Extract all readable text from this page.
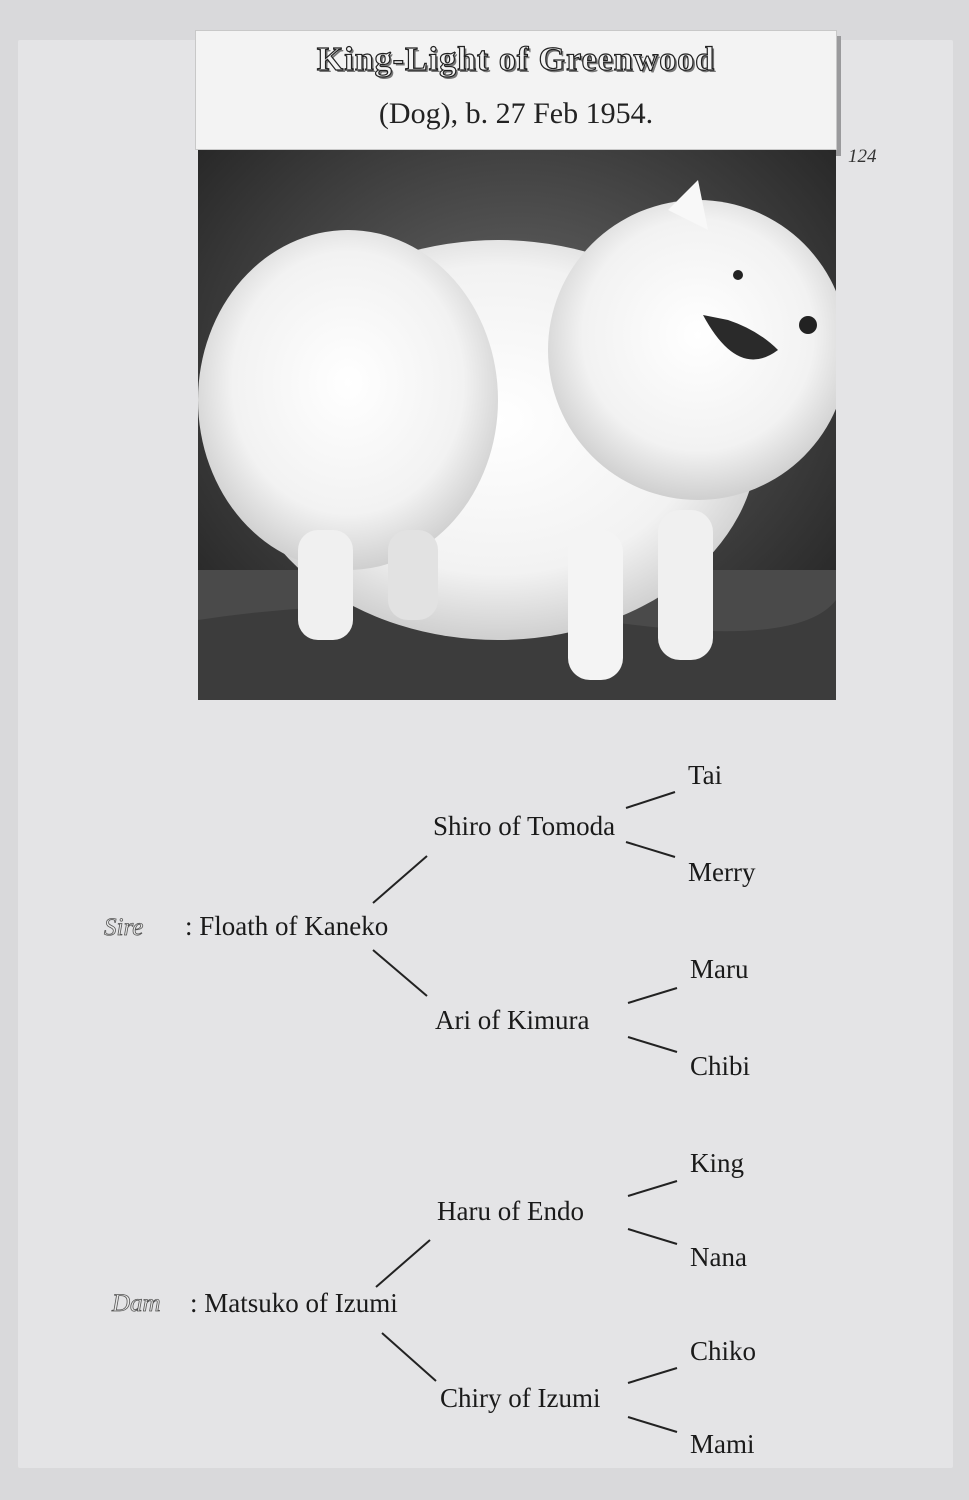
King-Light of Greenwood
(Dog), b. 27 Feb 1954.
124
Sire : Floath of Kaneko
Shiro of Tomoda
Tai
Merry
Ari of Kimura
Maru
Chibi
Dam : Matsuko of Izumi
Haru of Endo
King
Nana
Chiry of Izumi
Chiko
Mami
